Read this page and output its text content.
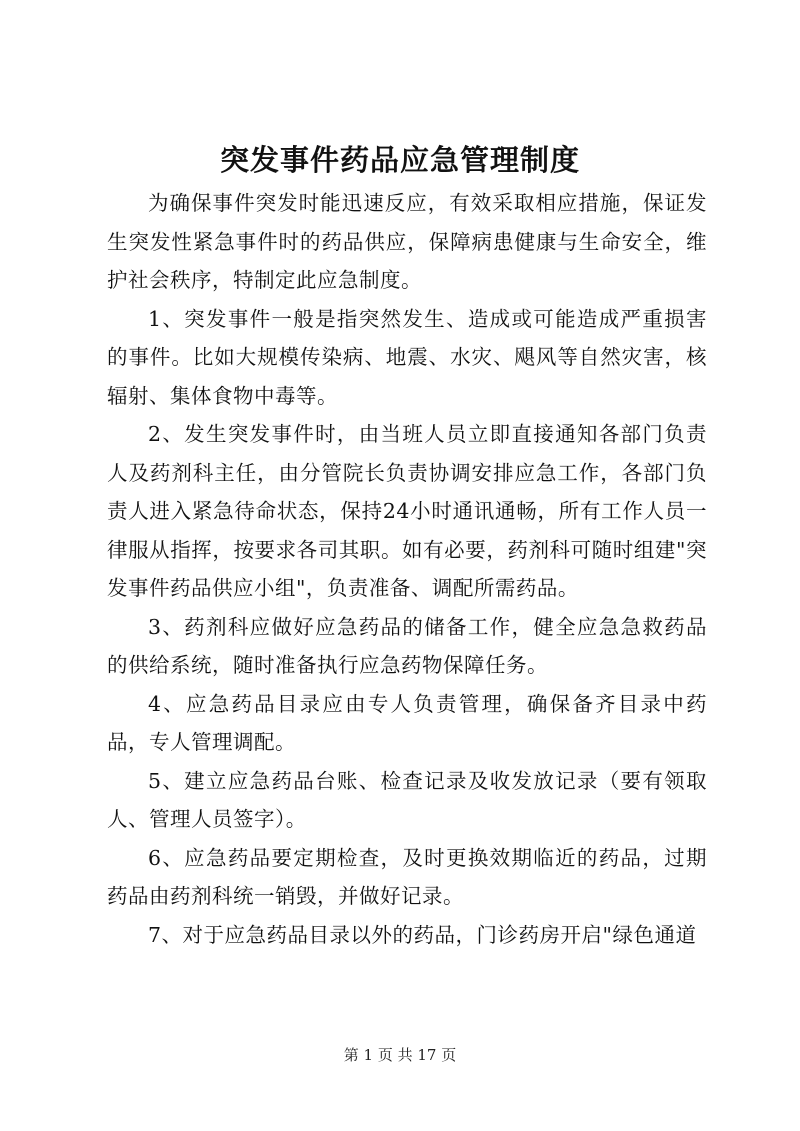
突发事件药品应急管理制度

为确保事件突发时能迅速反应，有效采取相应措施，保证发生突发性紧急事件时的药品供应，保障病患健康与生命安全，维护社会秩序，特制定此应急制度。

1、突发事件一般是指突然发生、造成或可能造成严重损害的事件。比如大规模传染病、地震、水灾、飓风等自然灾害，核辐射、集体食物中毒等。

2、发生突发事件时，由当班人员立即直接通知各部门负责人及药剂科主任，由分管院长负责协调安排应急工作，各部门负责人进入紧急待命状态，保持24小时通讯通畅，所有工作人员一律服从指挥，按要求各司其职。如有必要，药剂科可随时组建"突发事件药品供应小组"，负责准备、调配所需药品。

3、药剂科应做好应急药品的储备工作，健全应急急救药品的供给系统，随时准备执行应急药物保障任务。

4、应急药品目录应由专人负责管理，确保备齐目录中药品，专人管理调配。

5、建立应急药品台账、检查记录及收发放记录（要有领取人、管理人员签字）。

6、应急药品要定期检查，及时更换效期临近的药品，过期药品由药剂科统一销毁，并做好记录。

7、对于应急药品目录以外的药品，门诊药房开启"绿色通道

第 1 页 共 17 页
